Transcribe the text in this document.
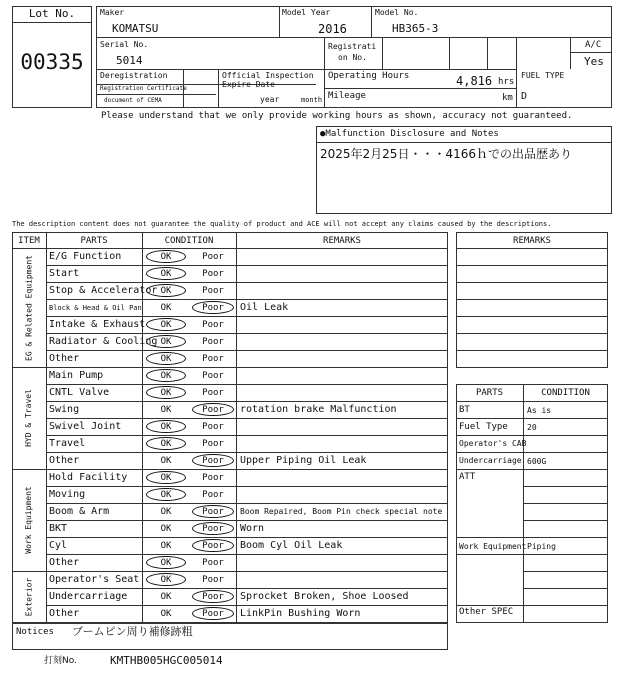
Lot No.
00335
Maker
KOMATSU
Model Year
2016
Model No.
HB365-3
Serial No.
5014
Registrati
on No.
A/C
Yes
Deregistration
Registration Certificate
document of CEMA
Official Inspection
Expire Date
year	month
Operating Hours	4,816 hrs
Mileage	km
FUEL TYPE
D
Please understand that we only provide working hours as shown, accuracy not guaranteed.
●Malfunction Disclosure and Notes
2025年2月25日・・・4166ｈでの出品歴あり
The description content does not guarantee the quality of product and ACE will not accept any claims caused by the descriptions.
ITEM	PARTS	CONDITION	REMARKS
EG & Related Equipment E/G Function	OK	Poor
Start	OK	Poor
Stop & Accelerator OK	Poor
Block & Head & Oil Pan	OK	Poor	Oil Leak
Intake & Exhaust	OK	Poor
Radiator & Cooling OK	Poor
Other	OK	Poor
HYD & Travel
Main Pump	OK	Poor
CNTL Valve	OK	Poor
Swing	OK	Poor	rotation brake Malfunction
Swivel Joint	OK	Poor
Travel	OK	Poor
Other	OK	Poor	Upper Piping Oil Leak
Work Equipment
Hold Facility	OK	Poor
Moving	OK	Poor
Boom & Arm	OK	Poor	Boom Repaired, Boom Pin check special note
BKT	OK	Poor	Worn
Cyl	OK	Poor	Boom Cyl Oil Leak
Other	OK	Poor
Exterior Operator's Seat	OK	Poor
Undercarriage	OK	Poor	Sprocket Broken, Shoe Loosed
Other	OK	Poor	LinkPin Bushing Worn
REMARKS
PARTS	CONDITION
BT	As is
Fuel Type 20
Operator's CAB
Undercarriage 600G
ATT
Work Equipment Piping
Other SPEC
Notices ブームピン周り補修跡粗
打刻No.	KMTHB005HGC005014
